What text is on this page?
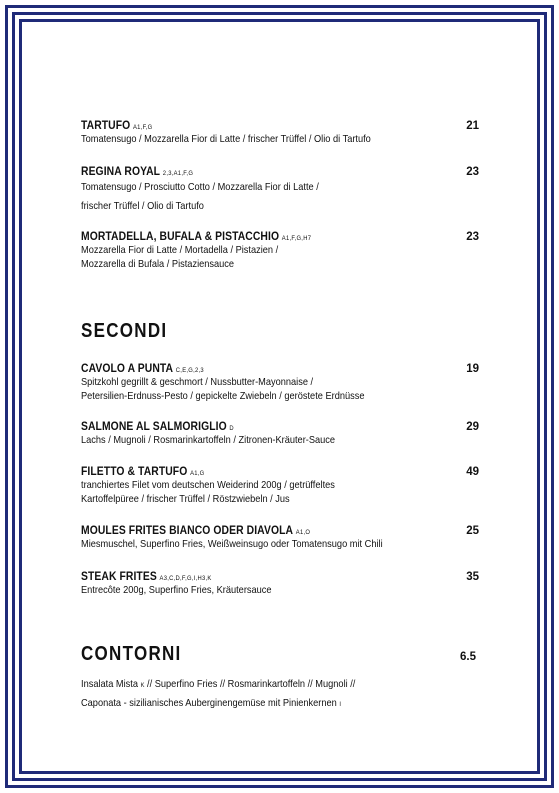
TARTUFO A1,F,G	21
Tomatensugo / Mozzarella Fior di Latte / frischer Trüffel / Olio di Tartufo
REGINA ROYAL 2,3,A1,F,G	23
Tomatensugo / Prosciutto Cotto / Mozzarella Fior di Latte /
frischer Trüffel / Olio di Tartufo
MORTADELLA, BUFALA & PISTACCHIO A1,F,G,H7	23
Mozzarella Fior di Latte / Mortadella / Pistazien /
Mozzarella di Bufala / Pistaziensauce
SECONDI
CAVOLO A PUNTA C,E,G,2,3	19
Spitzkohl gegrillt & geschmort / Nussbutter-Mayonnaise /
Petersilien-Erdnuss-Pesto / gepickelte Zwiebeln / geröstete Erdnüsse
SALMONE AL SALMORIGLIO D	29
Lachs / Mugnoli / Rosmarinkartoffeln / Zitronen-Kräuter-Sauce
FILETTO & TARTUFO A1,G	49
tranchiertes Filet vom deutschen Weiderind 200g / getrüffeltes
Kartoffelpüree / frischer Trüffel / Röstzwiebeln / Jus
MOULES FRITES BIANCO ODER DIAVOLA A1,O	25
Miesmuschel, Superfino Fries, Weißweinsugo oder Tomatensugo mit Chili
STEAK FRITES A3,C,D,F,G,I,H3,K	35
Entrecôte 200g, Superfino Fries, Kräutersauce
CONTORNI	6.5
Insalata Mista K // Superfino Fries // Rosmarinkartoffeln // Mugnoli //
Caponata - sizilianisches Auberginengemüse mit Pinienkernen I
